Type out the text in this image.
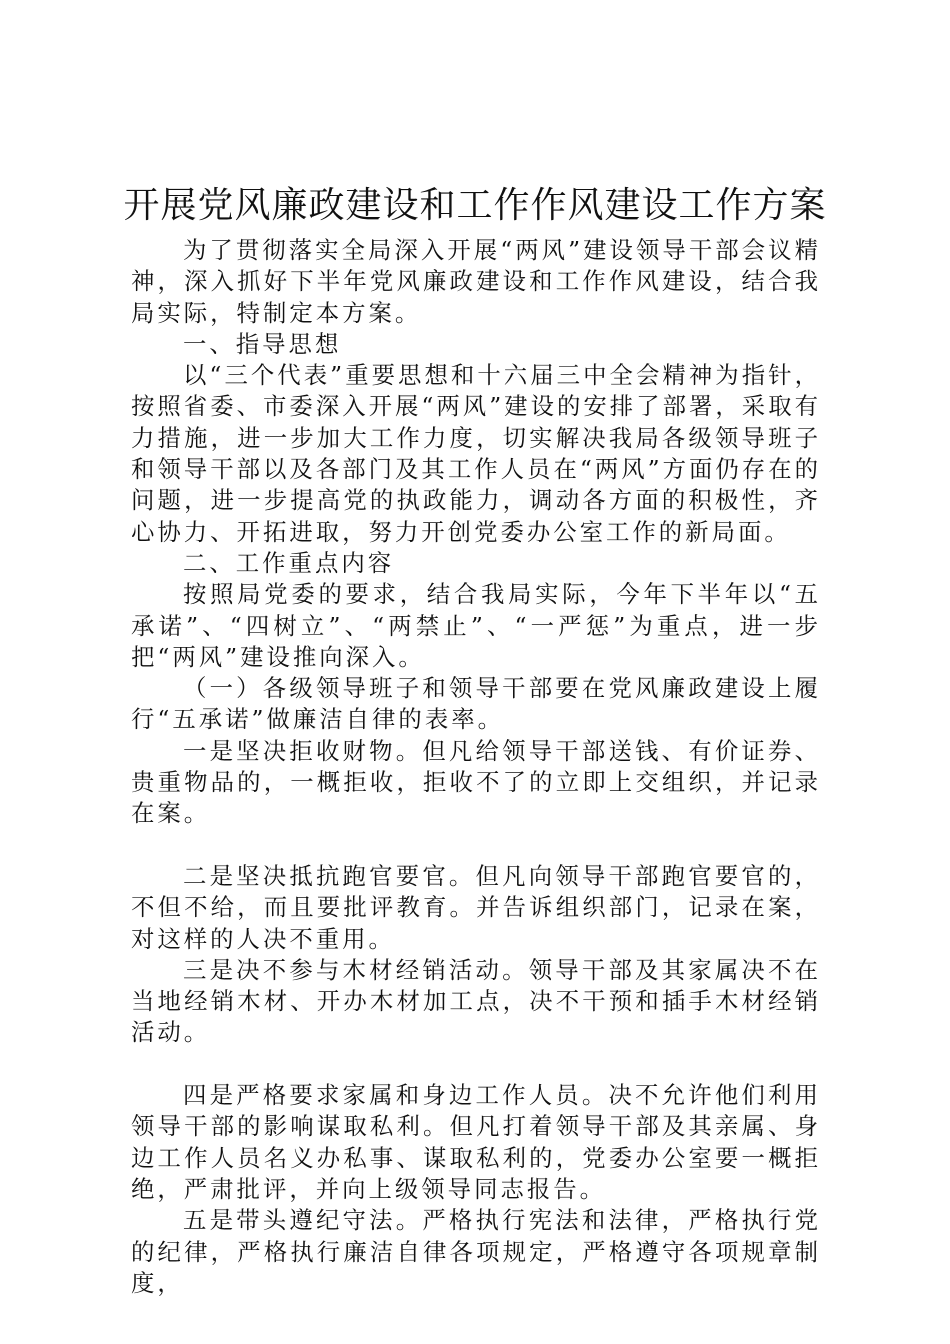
开展党风廉政建设和工作作风建设工作方案

为了贯彻落实全局深入开展“两风”建设领导干部会议精神，深入抓好下半年党风廉政建设和工作作风建设，结合我局实际，特制定本方案。

一、指导思想

以“三个代表”重要思想和十六届三中全会精神为指针，按照省委、市委深入开展“两风”建设的安排了部署，采取有力措施，进一步加大工作力度，切实解决我局各级领导班子和领导干部以及各部门及其工作人员在“两风”方面仍存在的问题，进一步提高党的执政能力，调动各方面的积极性，齐心协力、开拓进取，努力开创党委办公室工作的新局面。

二、工作重点内容

按照局党委的要求，结合我局实际，今年下半年以“五承诺”、“四树立”、“两禁止”、“一严惩”为重点，进一步把“两风”建设推向深入。

（一）各级领导班子和领导干部要在党风廉政建设上履行“五承诺”做廉洁自律的表率。

一是坚决拒收财物。但凡给领导干部送钱、有价证券、贵重物品的，一概拒收，拒收不了的立即上交组织，并记录在案。

二是坚决抵抗跑官要官。但凡向领导干部跑官要官的，不但不给，而且要批评教育。并告诉组织部门，记录在案，对这样的人决不重用。

三是决不参与木材经销活动。领导干部及其家属决不在当地经销木材、开办木材加工点，决不干预和插手木材经销活动。

四是严格要求家属和身边工作人员。决不允许他们利用领导干部的影响谋取私利。但凡打着领导干部及其亲属、身边工作人员名义办私事、谋取私利的，党委办公室要一概拒绝，严肃批评，并向上级领导同志报告。

五是带头遵纪守法。严格执行宪法和法律，严格执行党的纪律，严格执行廉洁自律各项规定，严格遵守各项规章制度，
